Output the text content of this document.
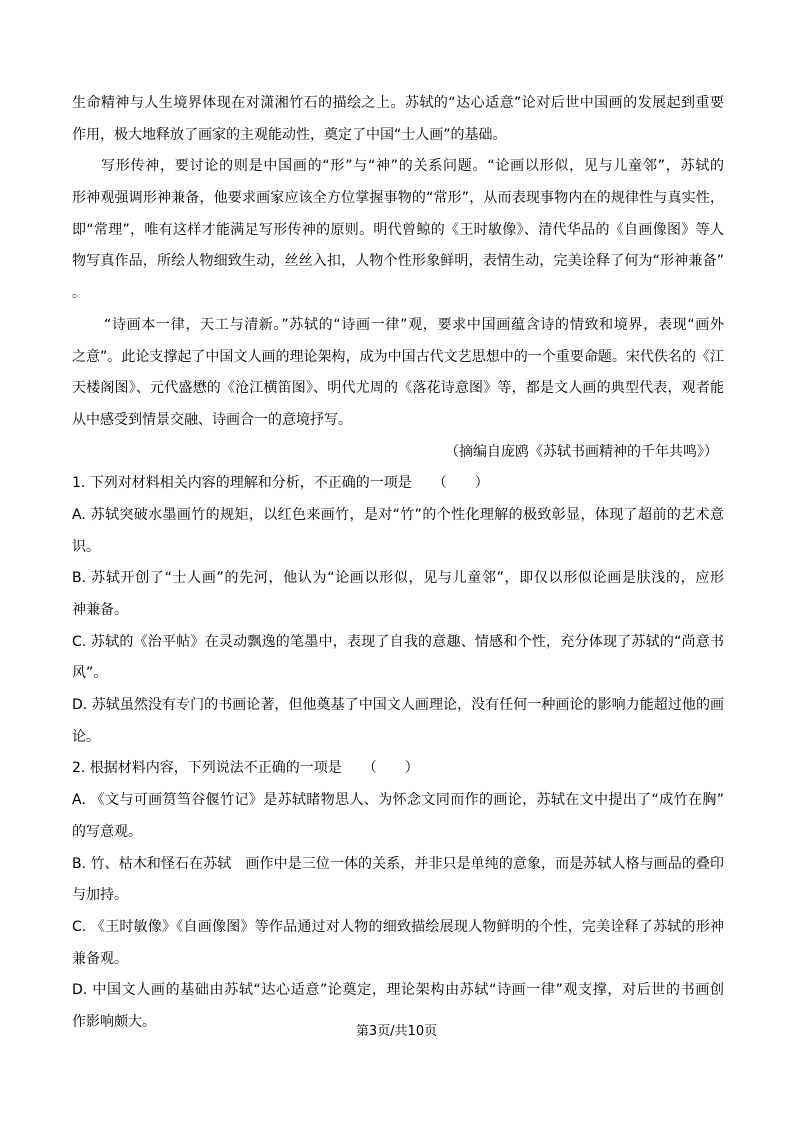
生命精神与人生境界体现在对潇湘竹石的描绘之上。苏轼的“达心适意”论对后世中国画的发展起到重要
作用，极大地释放了画家的主观能动性，奠定了中国“士人画”的基础。
写形传神，要讨论的则是中国画的“形”与“神”的关系问题。“论画以形似，见与儿童邻”，苏轼的
形神观强调形神兼备，他要求画家应该全方位掌握事物的“常形”，从而表现事物内在的规律性与真实性，
即“常理”，唯有这样才能满足写形传神的原则。明代曾鲸的《王时敏像》、清代华品的《自画像图》等人
物写真作品，所绘人物细致生动，丝丝入扣，人物个性形象鲜明，表情生动，完美诠释了何为“形神兼备”
。
“诗画本一律，天工与清新。”苏轼的“诗画一律”观，要求中国画蕴含诗的情致和境界，表现“画外
之意”。此论支撑起了中国文人画的理论架构，成为中国古代文艺思想中的一个重要命题。宋代佚名的《江
天楼阁图》、元代盛懋的《沧江横笛图》、明代尤周的《落花诗意图》等，都是文人画的典型代表，观者能
从中感受到情景交融、诗画合一的意境抒写。
（摘编自庞鸥《苏轼书画精神的千年共鸣》）
1. 下列对材料相关内容的理解和分析，不正确的一项是　　（　　）
A. 苏轼突破水墨画竹的规矩，以红色来画竹，是对“竹”的个性化理解的极致彰显，体现了超前的艺术意
识。
B. 苏轼开创了“士人画”的先河，他认为“论画以形似，见与儿童邻”，即仅以形似论画是肤浅的，应形
神兼备。
C. 苏轼的《治平帖》在灵动飘逸的笔墨中，表现了自我的意趣、情感和个性，充分体现了苏轼的“尚意书
风”。
D. 苏轼虽然没有专门的书画论著，但他奠基了中国文人画理论，没有任何一种画论的影响力能超过他的画
论。
2. 根据材料内容，下列说法不正确的一项是　　（　　）
A. 《文与可画筼筜谷偃竹记》是苏轼睹物思人、为怀念文同而作的画论，苏轼在文中提出了“成竹在胸”
的写意观。
B. 竹、枯木和怪石在苏轼　画作中是三位一体的关系，并非只是单纯的意象，而是苏轼人格与画品的叠印
与加持。
C. 《王时敏像》《自画像图》等作品通过对人物的细致描绘展现人物鲜明的个性，完美诠释了苏轼的形神
兼备观。
D. 中国文人画的基础由苏轼“达心适意”论奠定，理论架构由苏轼“诗画一律”观支撑，对后世的书画创
作影响颇大。
第3页/共10页
